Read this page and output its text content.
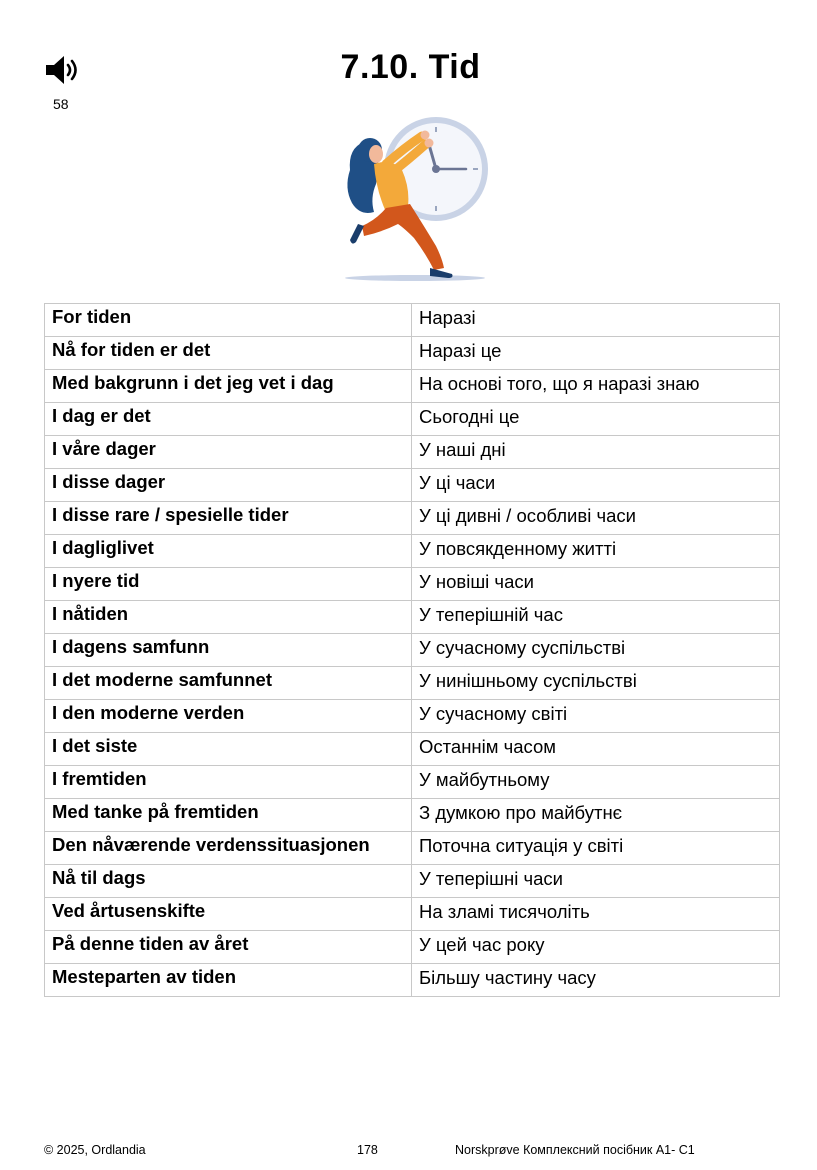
58
7.10. Tid
For tiden	Наразі
Nå for tiden er det	Наразі це
Med bakgrunn i det jeg vet i dag	На основі того, що я наразі знаю
I dag er det	Сьогодні це
I våre dager	У наші дні
I disse dager	У ці часи
I disse rare / spesielle tider	У ці дивні / особливі часи
I dagliglivet	У повсякденному житті
I nyere tid	У новіші часи
I nåtiden	У теперішній час
I dagens samfunn	У сучасному суспільстві
I det moderne samfunnet	У нинішньому суспільстві
I den moderne verden	У сучасному світі
I det siste	Останнім часом
I fremtiden	У майбутньому
Med tanke på fremtiden	З думкою про майбутнє
Den nåværende verdenssituasjonen	Поточна ситуація у світі
Nå til dags	У теперішні часи
Ved årtusenskifte	На зламі тисячоліть
På denne tiden av året	У цей час року
Mesteparten av tiden	Більшу частину часу
© 2025, Ordlandia	178	Norskprøve Комплексний посібник А1- С1
